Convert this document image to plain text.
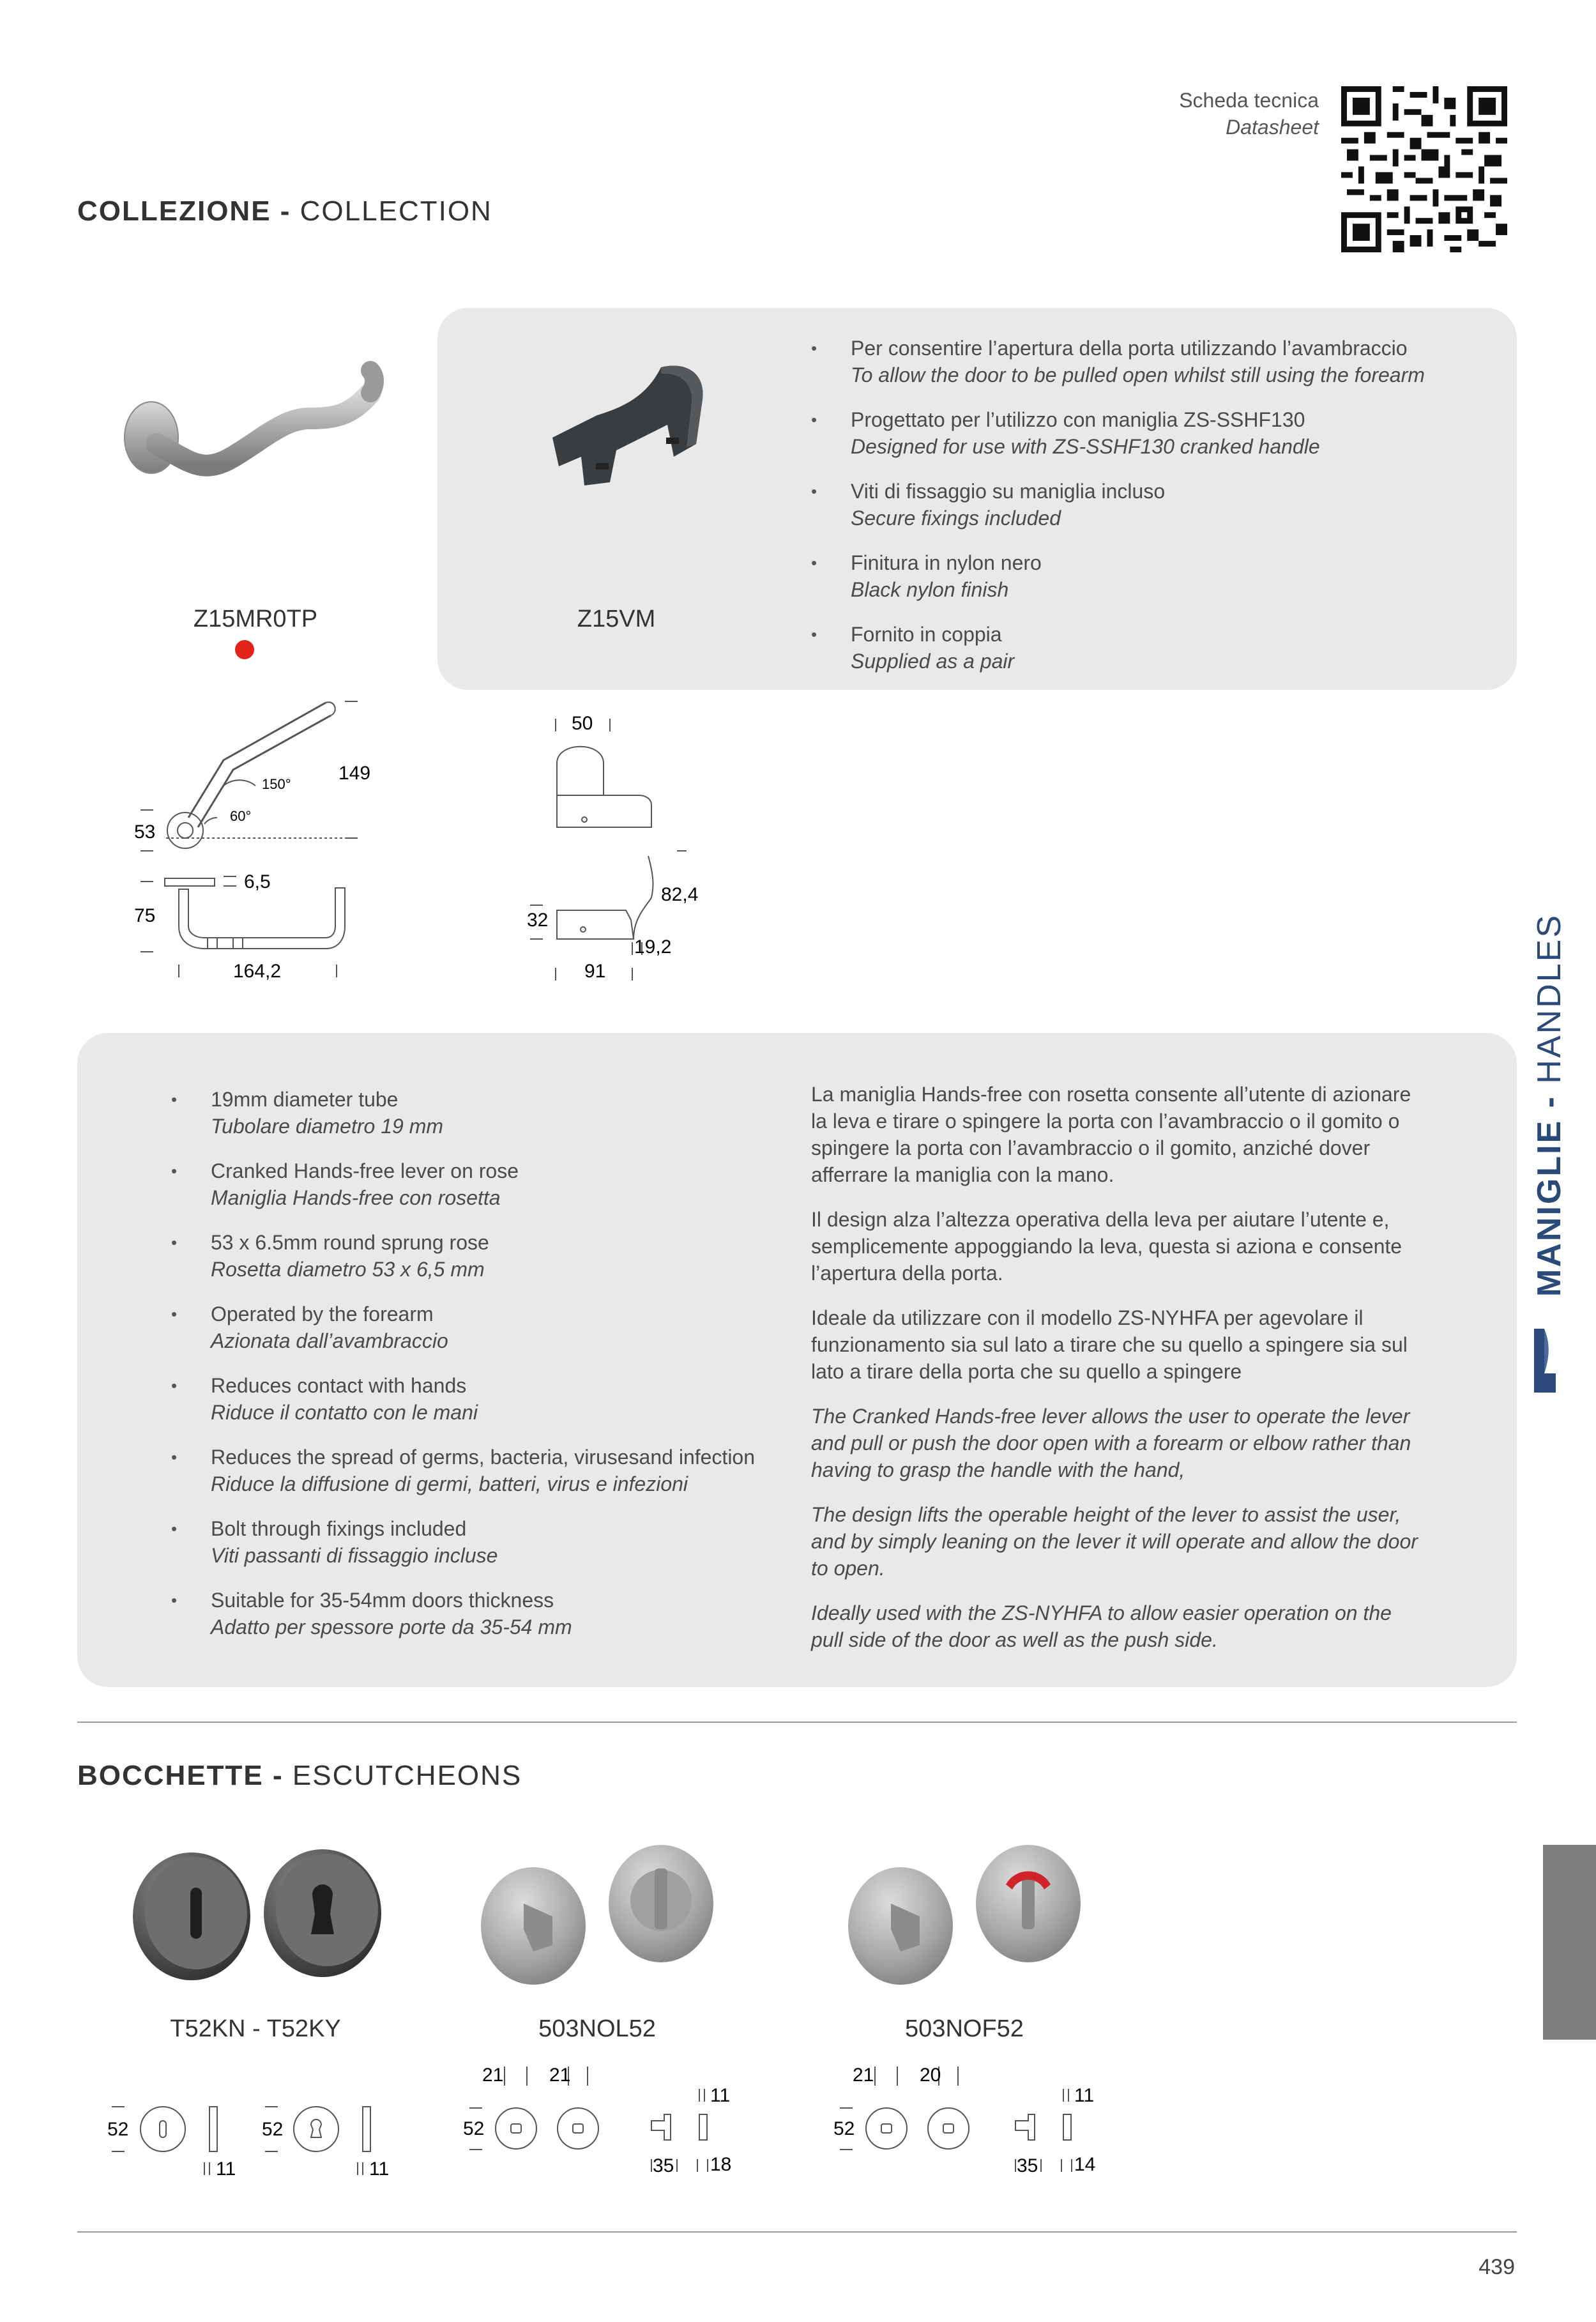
Scheda tecnica
Datasheet
COLLEZIONE - COLLECTION
Z15MR0TP	Z15VM
• Per consentire l’apertura della porta utilizzando l’avambraccio
To allow the door to be pulled open whilst still using the forearm
• Progettato per l’utilizzo con maniglia ZS-SSHF130
Designed for use with ZS-SSHF130 cranked handle
• Viti di fissaggio su maniglia incluso
Secure fixings included
• Finitura in nylon nero
Black nylon finish
• Fornito in coppia
Supplied as a pair
149
150°
60°
53
6,5
75
164,2
50
82,4
32
19,2
91
• 19mm diameter tube
Tubolare diametro 19 mm
• Cranked Hands-free lever on rose
Maniglia Hands-free con rosetta
• 53 x 6.5mm round sprung rose
Rosetta diametro 53 x 6,5 mm
• Operated by the forearm
Azionata dall’avambraccio
• Reduces contact with hands
Riduce il contatto con le mani
• Reduces the spread of germs, bacteria, virusesand infection
Riduce la diffusione di germi, batteri, virus e infezioni
• Bolt through fixings included
Viti passanti di fissaggio incluse
• Suitable for 35-54mm doors thickness
Adatto per spessore porte da 35-54 mm

La maniglia Hands-free con rosetta consente all’utente di azionare la leva e tirare o spingere la porta con l’avambraccio o il gomito o spingere la porta con l’avambraccio o il gomito, anziché dover afferrare la maniglia con la mano.

Il design alza l’altezza operativa della leva per aiutare l’utente e, semplicemente appoggiando la leva, questa si aziona e consente l’apertura della porta.

Ideale da utilizzare con il modello ZS-NYHFA per agevolare il funzionamento sia sul lato a tirare che su quello a spingere sia sul lato a tirare della porta che su quello a spingere

The Cranked Hands-free lever allows the user to operate the lever and pull or push the door open with a forearm or elbow rather than having to grasp the handle with the hand,

The design lifts the operable height of the lever to assist the user, and by simply leaning on the lever it will operate and allow the door to open.

Ideally used with the ZS-NYHFA to allow easier operation on the pull side of the door as well as the push side.

MANIGLIE - HANDLES
BOCCHETTE - ESCUTCHEONS
T52KN - T52KY	503NOL52	503NOF52
52
11
52
11
21 21
52
11
35 18
21 20
52
11
35 14
439
